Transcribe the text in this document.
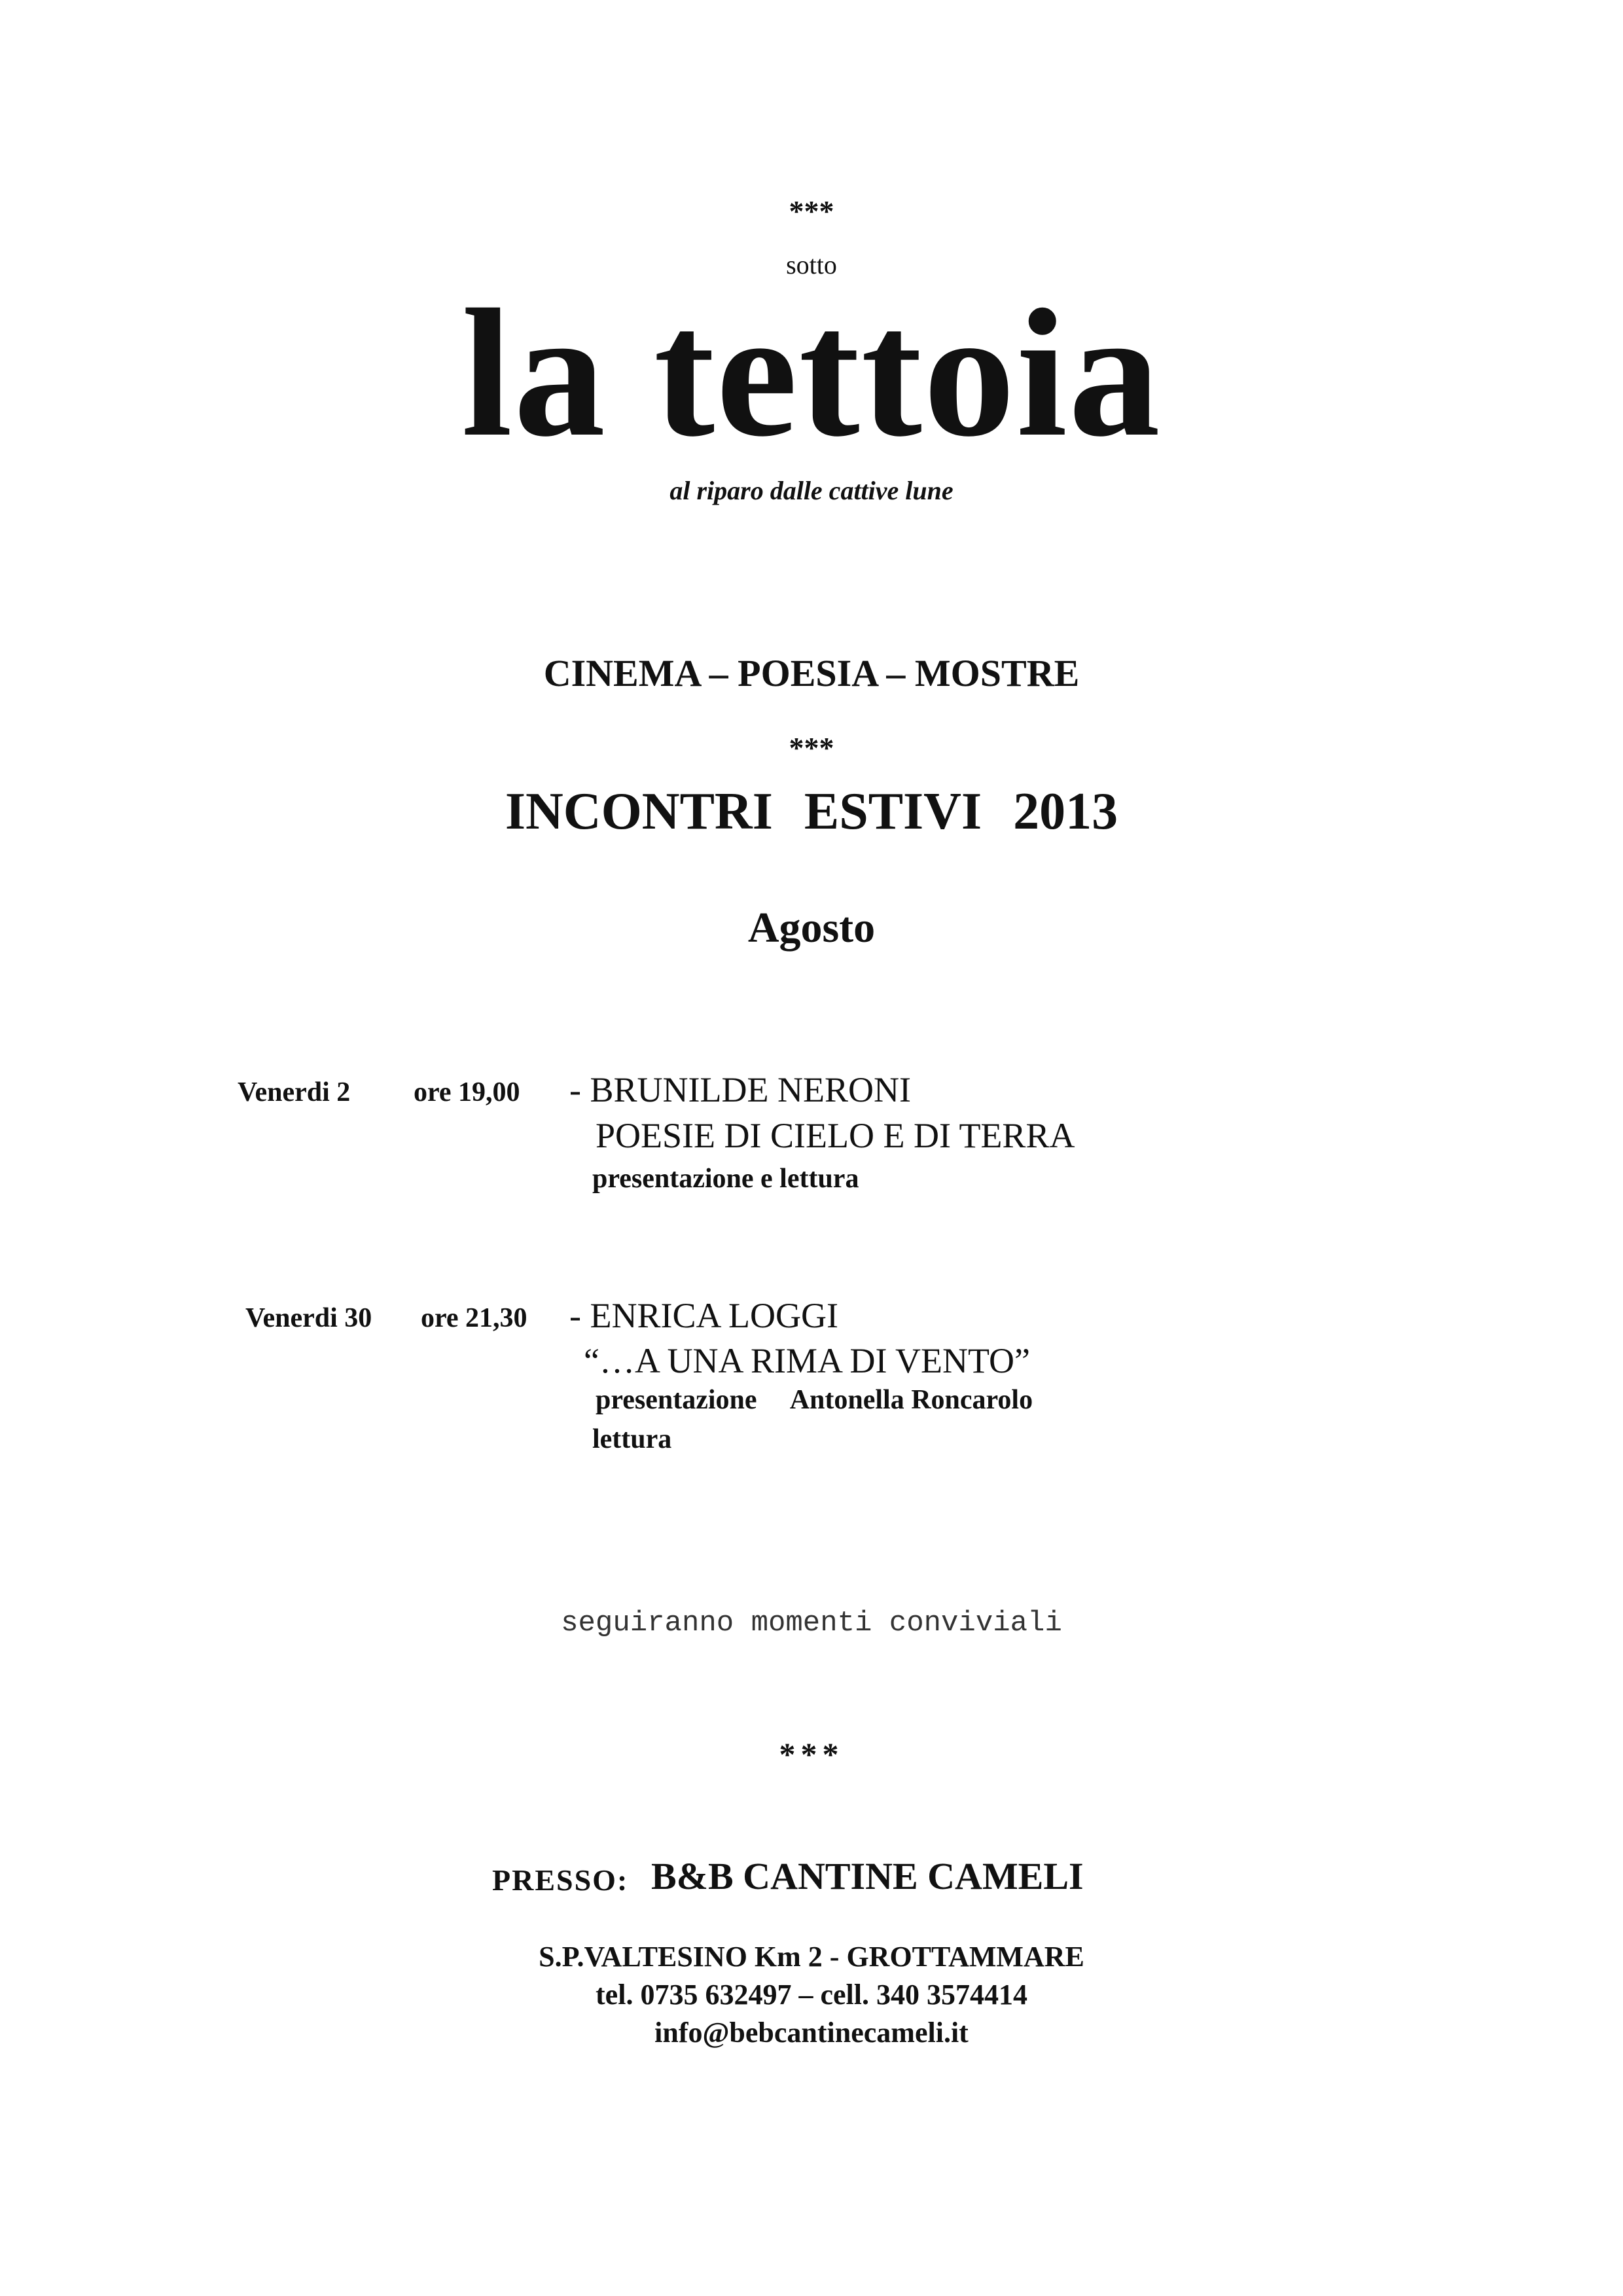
***
sotto
la tettoia
al riparo dalle cattive lune
CINEMA – POESIA – MOSTRE
***
INCONTRI ESTIVI 2013
Agosto
Venerdi 2 ore 19,00 - BRUNILDE NERONI
POESIE DI CIELO E DI TERRA
presentazione e lettura
Venerdi 30 ore 21,30 - ENRICA LOGGI
“…A UNA RIMA DI VENTO”
presentazione     Antonella Roncarolo
lettura
seguiranno momenti conviviali
***
PRESSO: B&B CANTINE CAMELI
S.P.VALTESINO Km 2 - GROTTAMMARE
tel. 0735 632497 – cell. 340 3574414
info@bebcantinecameli.it
